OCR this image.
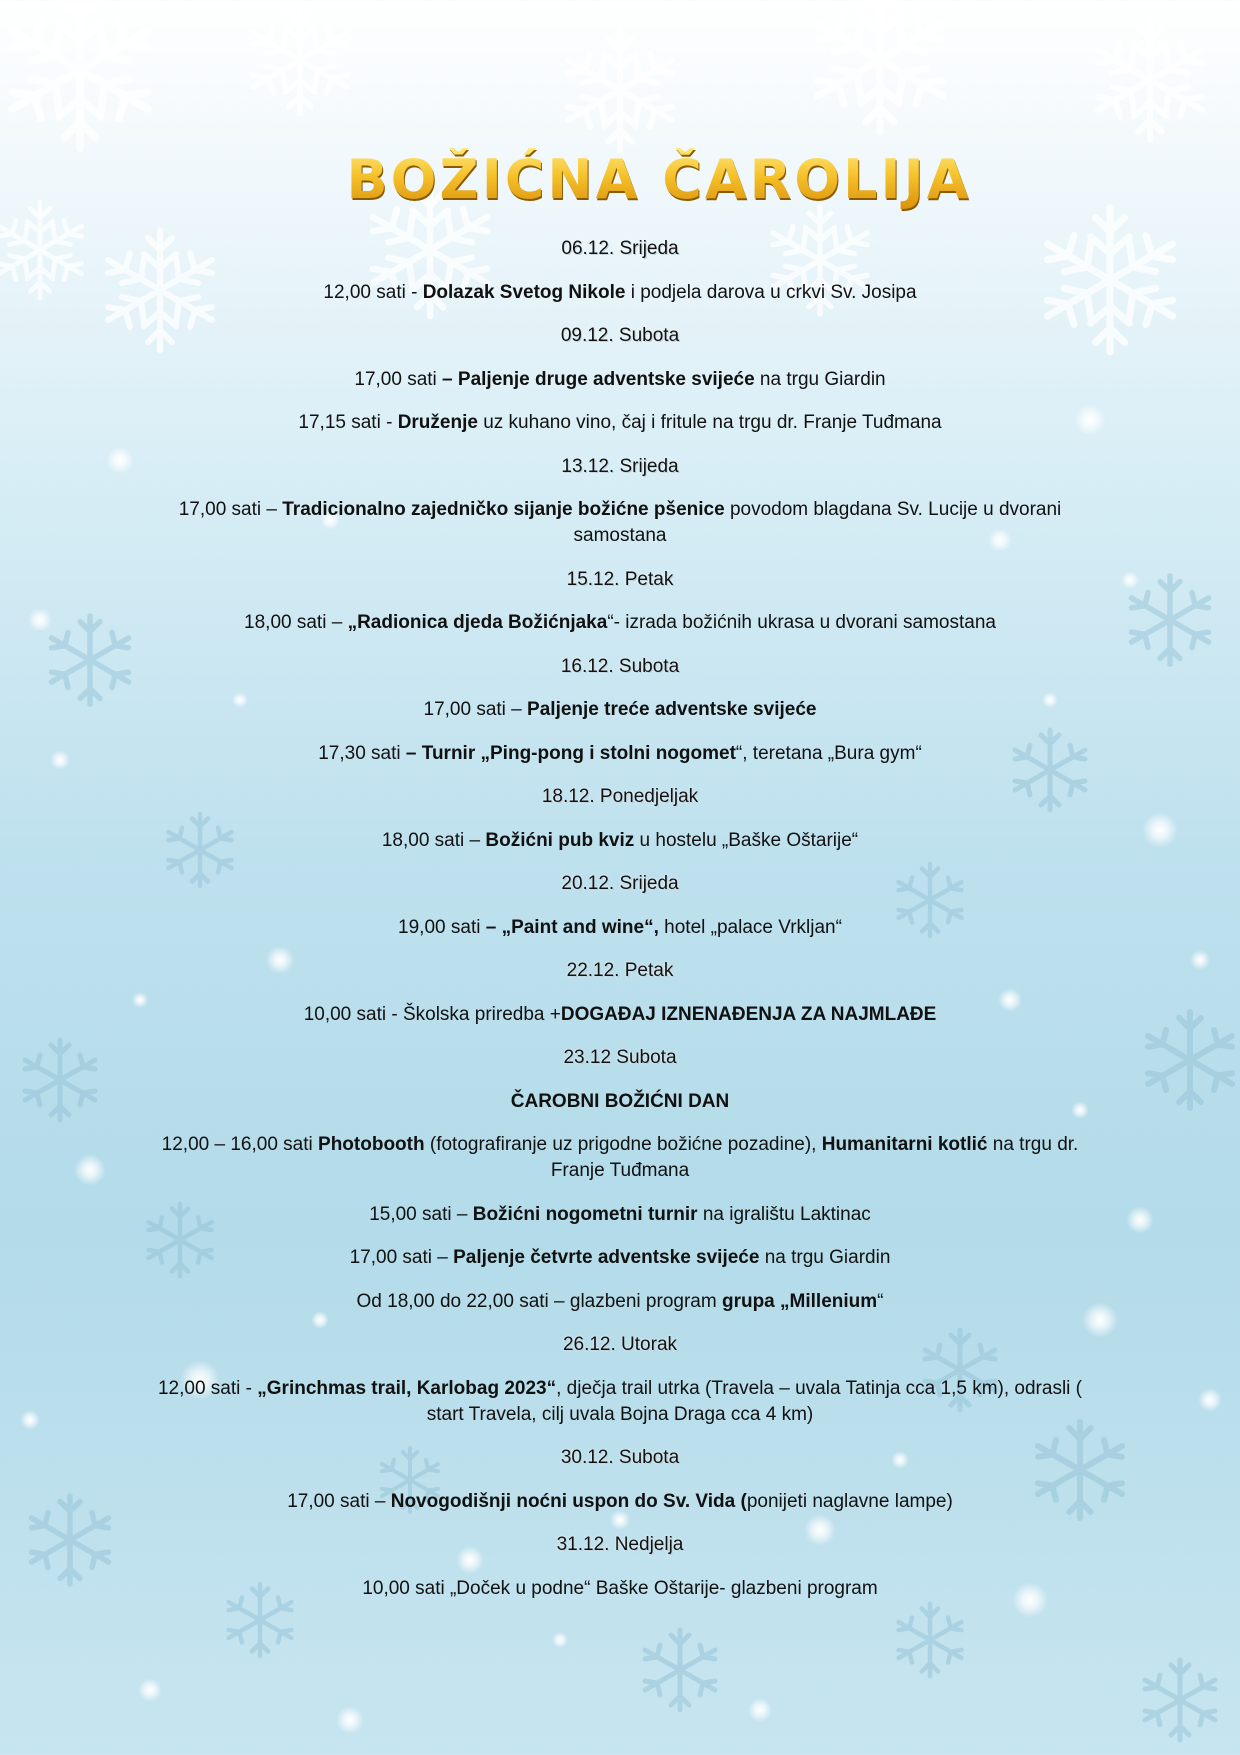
BOŽIĆNA ČAROLIJA

06.12. Srijeda

12,00 sati - Dolazak Svetog Nikole i podjela darova u crkvi Sv. Josipa

09.12. Subota

17,00 sati – Paljenje druge adventske svijeće na trgu Giardin

17,15 sati - Druženje uz kuhano vino, čaj i fritule na trgu dr. Franje Tuđmana

13.12. Srijeda

17,00 sati – Tradicionalno zajedničko sijanje božićne pšenice povodom blagdana Sv. Lucije u dvorani samostana

15.12. Petak

18,00 sati – „Radionica djeda Božićnjaka“- izrada božićnih ukrasa u dvorani samostana

16.12. Subota

17,00 sati – Paljenje treće adventske svijeće

17,30 sati – Turnir „Ping-pong i stolni nogomet“, teretana „Bura gym“

18.12. Ponedjeljak

18,00 sati – Božićni pub kviz u hostelu „Baške Oštarije“

20.12. Srijeda

19,00 sati – „Paint and wine“, hotel „palace Vrkljan“

22.12. Petak

10,00 sati - Školska priredba +DOGAĐAJ IZNENAĐENJA ZA NAJMLAĐE

23.12 Subota

ČAROBNI BOŽIĆNI DAN

12,00 – 16,00 sati Photobooth (fotografiranje uz prigodne božićne pozadine), Humanitarni kotlić na trgu dr. Franje Tuđmana

15,00 sati – Božićni nogometni turnir na igralištu Laktinac

17,00 sati – Paljenje četvrte adventske svijeće na trgu Giardin

Od 18,00 do 22,00 sati – glazbeni program grupa „Millenium“

26.12. Utorak

12,00 sati - „Grinchmas trail, Karlobag 2023“, dječja trail utrka (Travela – uvala Tatinja cca 1,5 km), odrasli ( start Travela, cilj uvala Bojna Draga cca 4 km)

30.12. Subota

17,00 sati – Novogodišnji noćni uspon do Sv. Vida (ponijeti naglavne lampe)

31.12. Nedjelja

10,00 sati „Doček u podne“ Baške Oštarije- glazbeni program
